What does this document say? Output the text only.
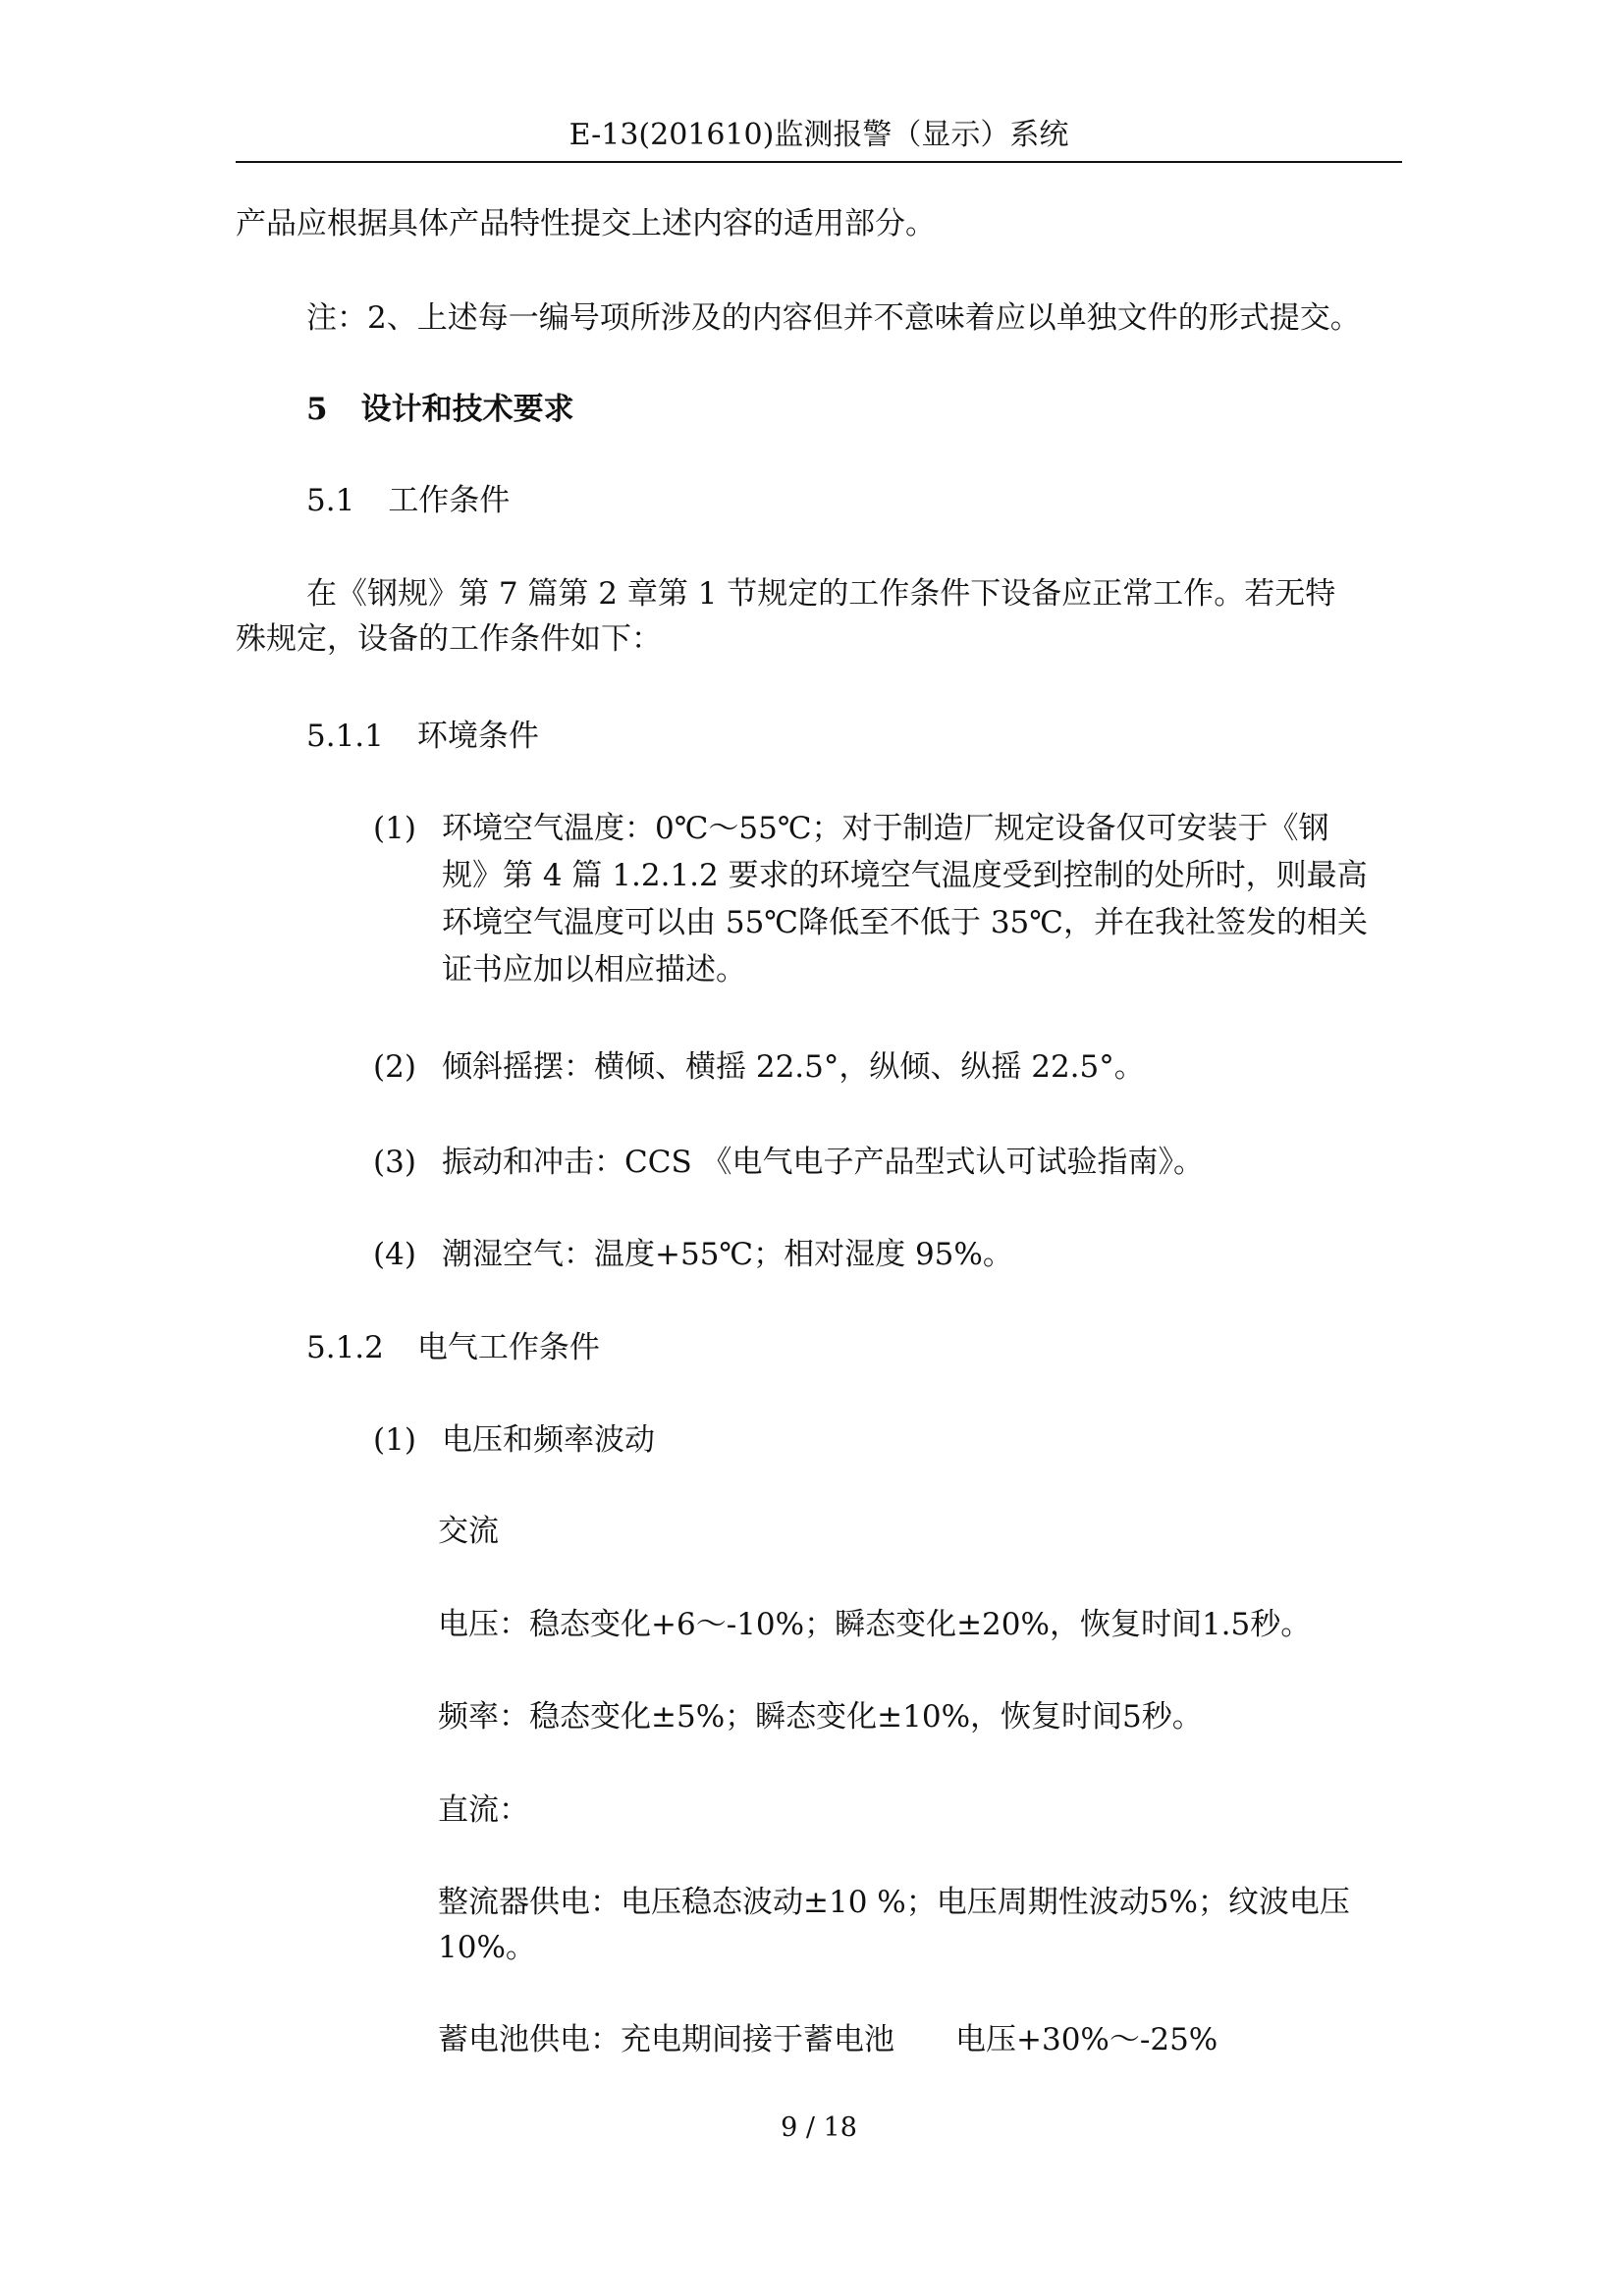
E-13(201610)监测报警（显示）系统
产品应根据具体产品特性提交上述内容的适用部分。
注：2、上述每一编号项所涉及的内容但并不意味着应以单独文件的形式提交。
5 设计和技术要求
5.1 工作条件
在《钢规》第 7 篇第 2 章第 1 节规定的工作条件下设备应正常工作。若无特
殊规定，设备的工作条件如下：
5.1.1 环境条件
(1) 环境空气温度：0℃～55℃；对于制造厂规定设备仅可安装于《钢
规》第 4 篇 1.2.1.2 要求的环境空气温度受到控制的处所时，则最高
环境空气温度可以由 55℃降低至不低于 35℃，并在我社签发的相关
证书应加以相应描述。
(2) 倾斜摇摆：横倾、横摇 22.5°，纵倾、纵摇 22.5°。
(3) 振动和冲击：CCS 《电气电子产品型式认可试验指南》。
(4) 潮湿空气：温度+55℃；相对湿度 95%。
5.1.2 电气工作条件
(1) 电压和频率波动
交流
电压：稳态变化+6～-10%；瞬态变化±20%，恢复时间1.5秒。
频率：稳态变化±5%；瞬态变化±10%，恢复时间5秒。
直流：
整流器供电：电压稳态波动±10 %；电压周期性波动5%；纹波电压
10%。
蓄电池供电：充电期间接于蓄电池 电压+30%～-25%
9 / 18
